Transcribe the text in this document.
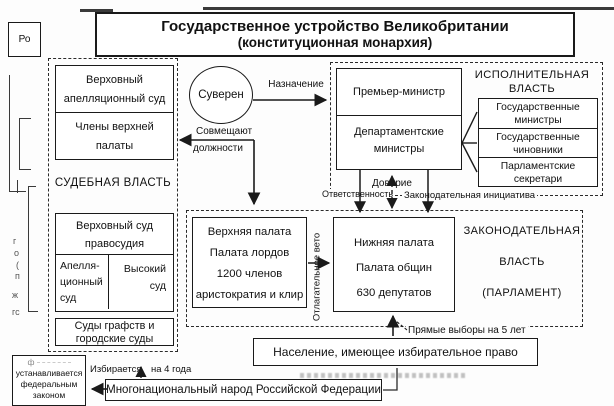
г
о
(
п
ж
гс
Ро
Государственное устройство Великобритании
(конституционная монархия)
Верховный
апелляционный суд
Члены верхней
палаты
СУДЕБНАЯ ВЛАСТЬ
Верховный суд
правосудия
Апелля-
ционный
суд
Высокий
суд
Суды графств и
городские суды
Суверен	Премьер-министр
Департаментские
министры
ИСПОЛНИТЕЛЬНАЯ
ВЛАСТЬ
Государственные
министры
Государственные
чиновники
Парламентские
секретари
Верхняя палата
Палата лордов
1200 членов
аристократия и клир
Нижняя палата
Палата общин
630 депутатов
Отлагательное вето
ЗАКОНОДАТЕЛЬНАЯ
ВЛАСТЬ
(ПАРЛАМЕНТ)
Назначение
Совмещают
должности
Доверие
Ответственность Законодательная инициатива
Прямые выборы на 5 лет
Население, имеющее избирательное право
Многонациональный народ Российской Федерации
ф
устанавливается
федеральным
законом
Избирается на 4 года
